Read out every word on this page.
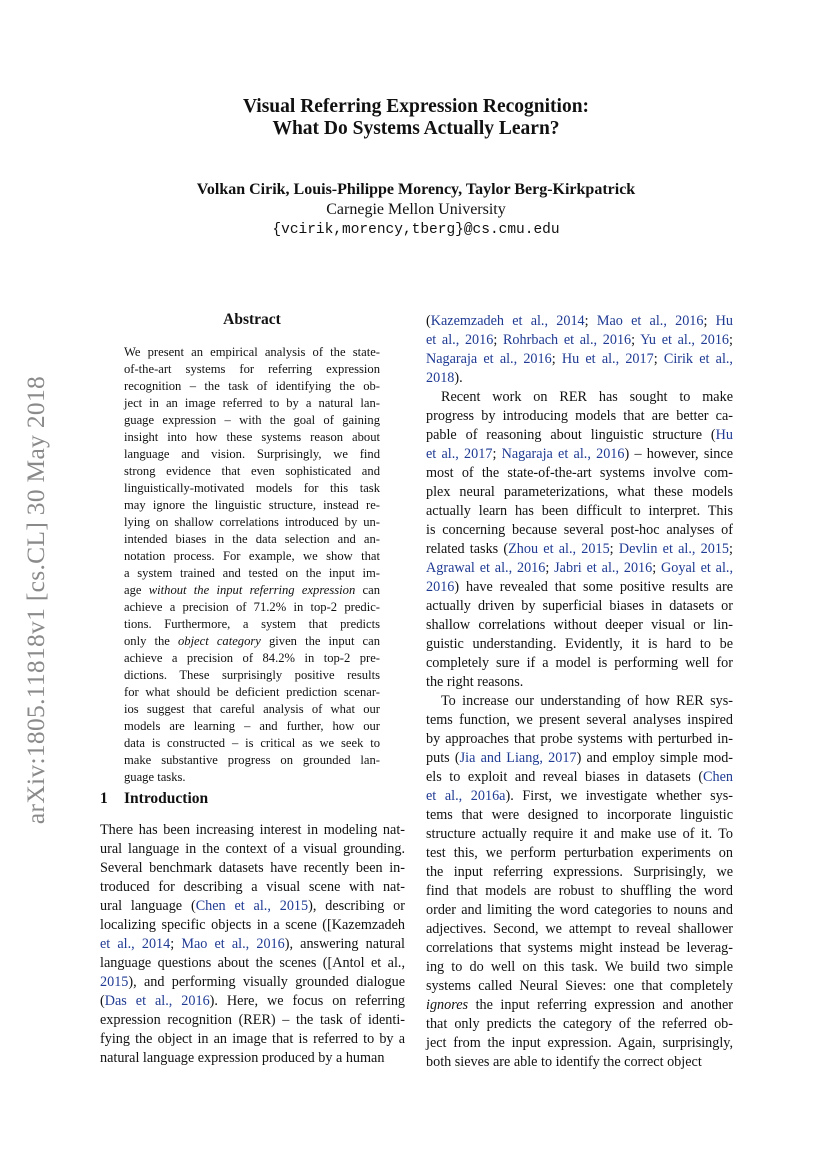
arXiv:1805.11818v1 [cs.CL] 30 May 2018
Visual Referring Expression Recognition:
What Do Systems Actually Learn?
Volkan Cirik, Louis-Philippe Morency, Taylor Berg-Kirkpatrick
Carnegie Mellon University
{vcirik,morency,tberg}@cs.cmu.edu
Abstract
We present an empirical analysis of the state-
of-the-art systems for referring expression
recognition – the task of identifying the ob-
ject in an image referred to by a natural lan-
guage expression – with the goal of gaining
insight into how these systems reason about
language and vision. Surprisingly, we find
strong evidence that even sophisticated and
linguistically-motivated models for this task
may ignore the linguistic structure, instead re-
lying on shallow correlations introduced by un-
intended biases in the data selection and an-
notation process. For example, we show that
a system trained and tested on the input im-
age without the input referring expression can
achieve a precision of 71.2% in top-2 predic-
tions. Furthermore, a system that predicts
only the object category given the input can
achieve a precision of 84.2% in top-2 pre-
dictions. These surprisingly positive results
for what should be deficient prediction scenar-
ios suggest that careful analysis of what our
models are learning – and further, how our
data is constructed – is critical as we seek to
make substantive progress on grounded lan-
guage tasks.
1 Introduction
There has been increasing interest in modeling nat-
ural language in the context of a visual grounding.
Several benchmark datasets have recently been in-
troduced for describing a visual scene with nat-
ural language (Chen et al., 2015), describing or
localizing specific objects in a scene ([Kazemzadeh
et al., 2014; Mao et al., 2016), answering natural
language questions about the scenes ([Antol et al.,
2015), and performing visually grounded dialogue
(Das et al., 2016). Here, we focus on referring
expression recognition (RER) – the task of identi-
fying the object in an image that is referred to by a
natural language expression produced by a human
(Kazemzadeh et al., 2014; Mao et al., 2016; Hu
et al., 2016; Rohrbach et al., 2016; Yu et al., 2016;
Nagaraja et al., 2016; Hu et al., 2017; Cirik et al.,
2018).
Recent work on RER has sought to make
progress by introducing models that are better ca-
pable of reasoning about linguistic structure (Hu
et al., 2017; Nagaraja et al., 2016) – however, since
most of the state-of-the-art systems involve com-
plex neural parameterizations, what these models
actually learn has been difficult to interpret. This
is concerning because several post-hoc analyses of
related tasks (Zhou et al., 2015; Devlin et al., 2015;
Agrawal et al., 2016; Jabri et al., 2016; Goyal et al.,
2016) have revealed that some positive results are
actually driven by superficial biases in datasets or
shallow correlations without deeper visual or lin-
guistic understanding. Evidently, it is hard to be
completely sure if a model is performing well for
the right reasons.
To increase our understanding of how RER sys-
tems function, we present several analyses inspired
by approaches that probe systems with perturbed in-
puts (Jia and Liang, 2017) and employ simple mod-
els to exploit and reveal biases in datasets (Chen
et al., 2016a). First, we investigate whether sys-
tems that were designed to incorporate linguistic
structure actually require it and make use of it. To
test this, we perform perturbation experiments on
the input referring expressions. Surprisingly, we
find that models are robust to shuffling the word
order and limiting the word categories to nouns and
adjectives. Second, we attempt to reveal shallower
correlations that systems might instead be leverag-
ing to do well on this task. We build two simple
systems called Neural Sieves: one that completely
ignores the input referring expression and another
that only predicts the category of the referred ob-
ject from the input expression. Again, surprisingly,
both sieves are able to identify the correct object
